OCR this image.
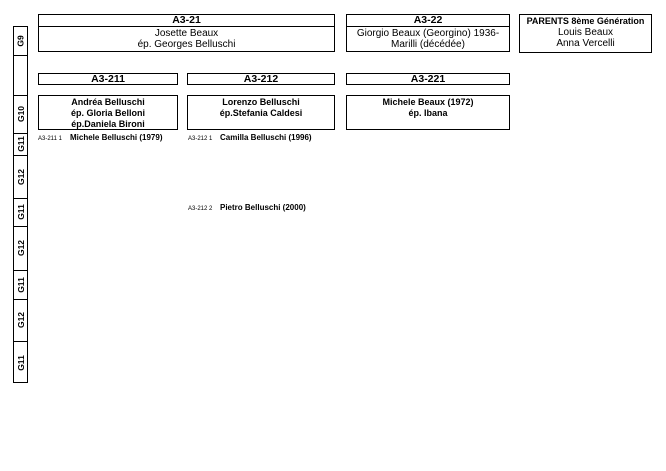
G9
G10
G11
G12
G11
G12
G11
G12
G11
A3-21
Josette Beaux
ép. Georges Belluschi
A3-22
Giorgio Beaux (Georgino) 1936-
Marilli (décédée)
PARENTS 8ème Génération
Louis Beaux
Anna Vercelli
A3-211	A3-212	A3-221
Andréa Belluschi
ép. Gloria Belloni
ép.Daniela Bironi
Lorenzo Belluschi
ép.Stefania Caldesi
Michele Beaux (1972)
ép. Ibana
A3-211 1	Michele Belluschi (1979)	A3-212 1 Camilla Belluschi (1996)
A3-212 2 Pietro Belluschi (2000)
